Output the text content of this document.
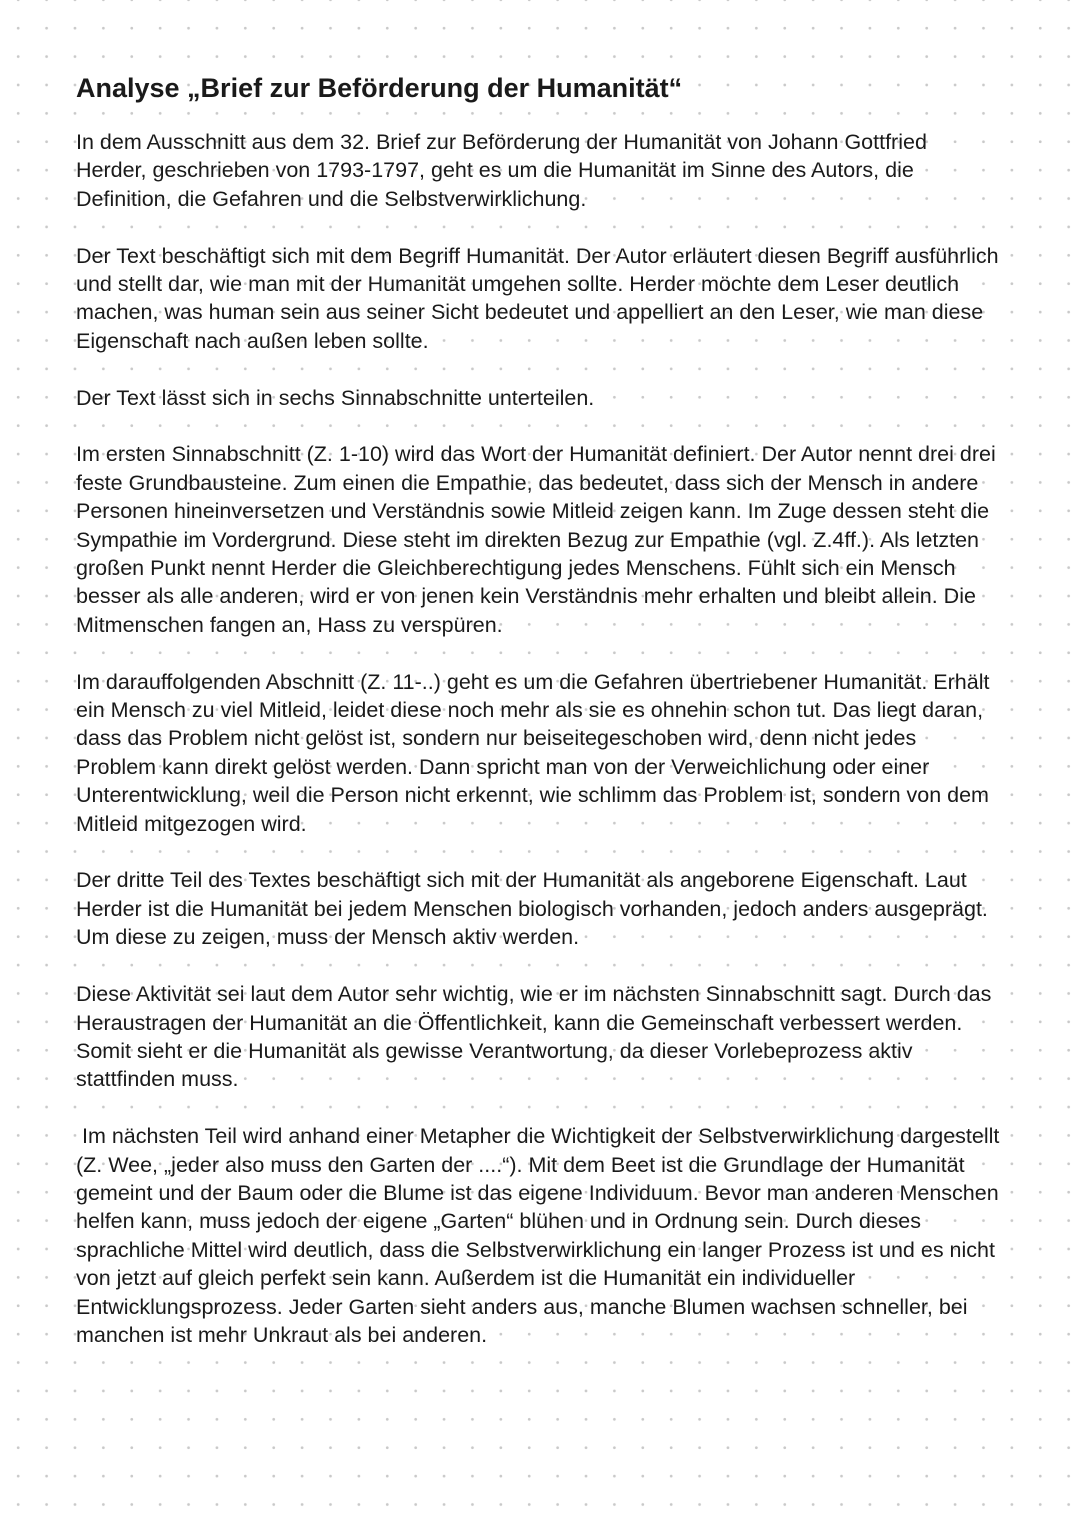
Analyse „Brief zur Beförderung der Humanität“

In dem Ausschnitt aus dem 32. Brief zur Beförderung der Humanität von Johann Gottfried Herder, geschrieben von 1793-1797, geht es um die Humanität im Sinne des Autors, die Definition, die Gefahren und die Selbstverwirklichung.

Der Text beschäftigt sich mit dem Begriff Humanität. Der Autor erläutert diesen Begriff ausführlich und stellt dar, wie man mit der Humanität umgehen sollte. Herder möchte dem Leser deutlich machen, was human sein aus seiner Sicht bedeutet und appelliert an den Leser, wie man diese Eigenschaft nach außen leben sollte.

Der Text lässt sich in sechs Sinnabschnitte unterteilen.

Im ersten Sinnabschnitt (Z. 1-10) wird das Wort der Humanität definiert. Der Autor nennt drei drei feste Grundbausteine. Zum einen die Empathie, das bedeutet, dass sich der Mensch in andere Personen hineinversetzen und Verständnis sowie Mitleid zeigen kann. Im Zuge dessen steht die Sympathie im Vordergrund. Diese steht im direkten Bezug zur Empathie (vgl. Z.4ff.). Als letzten großen Punkt nennt Herder die Gleichberechtigung jedes Menschens. Fühlt sich ein Mensch besser als alle anderen, wird er von jenen kein Verständnis mehr erhalten und bleibt allein. Die Mitmenschen fangen an, Hass zu verspüren.

Im darauffolgenden Abschnitt (Z. 11-..) geht es um die Gefahren übertriebener Humanität. Erhält ein Mensch zu viel Mitleid, leidet diese noch mehr als sie es ohnehin schon tut. Das liegt daran, dass das Problem nicht gelöst ist, sondern nur beiseitegeschoben wird, denn nicht jedes Problem kann direkt gelöst werden. Dann spricht man von der Verweichlichung oder einer Unterentwicklung, weil die Person nicht erkennt, wie schlimm das Problem ist, sondern von dem Mitleid mitgezogen wird.

Der dritte Teil des Textes beschäftigt sich mit der Humanität als angeborene Eigenschaft. Laut Herder ist die Humanität bei jedem Menschen biologisch vorhanden, jedoch anders ausgeprägt. Um diese zu zeigen, muss der Mensch aktiv werden.

Diese Aktivität sei laut dem Autor sehr wichtig, wie er im nächsten Sinnabschnitt sagt. Durch das Heraustragen der Humanität an die Öffentlichkeit, kann die Gemeinschaft verbessert werden. Somit sieht er die Humanität als gewisse Verantwortung, da dieser Vorlebeprozess aktiv stattfinden muss.

Im nächsten Teil wird anhand einer Metapher die Wichtigkeit der Selbstverwirklichung dargestellt (Z. Wee, „jeder also muss den Garten der ....“). Mit dem Beet ist die Grundlage der Humanität gemeint und der Baum oder die Blume ist das eigene Individuum. Bevor man anderen Menschen helfen kann, muss jedoch der eigene „Garten“ blühen und in Ordnung sein. Durch dieses sprachliche Mittel wird deutlich, dass die Selbstverwirklichung ein langer Prozess ist und es nicht von jetzt auf gleich perfekt sein kann. Außerdem ist die Humanität ein individueller Entwicklungsprozess. Jeder Garten sieht anders aus, manche Blumen wachsen schneller, bei manchen ist mehr Unkraut als bei anderen.
